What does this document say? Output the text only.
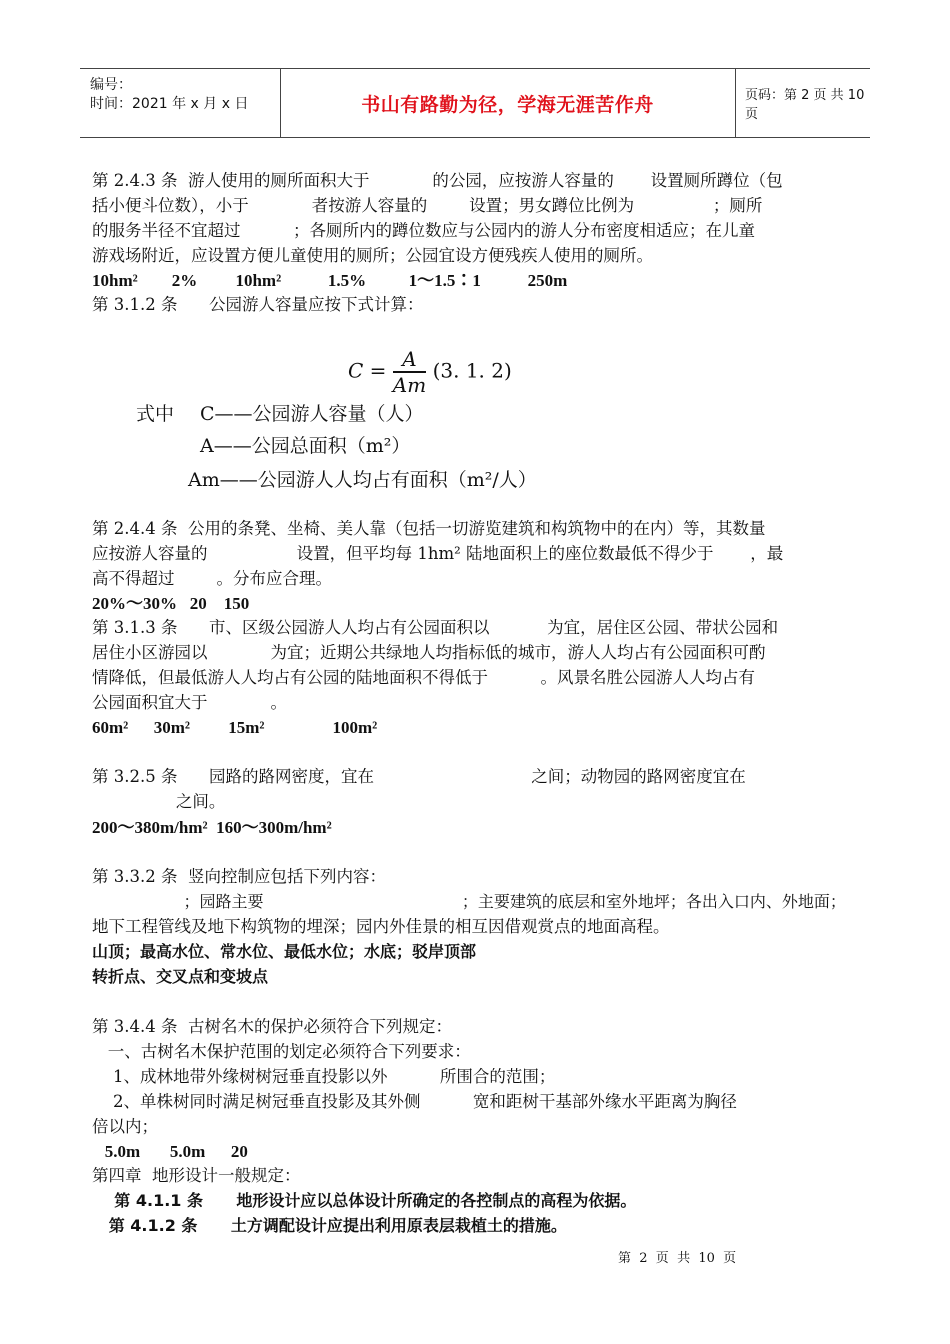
编号：
时间：2021 年 x 月 x 日	书山有路勤为径，学海无涯苦作舟	页码：第 2 页 共 10 页
第 2.4.3 条  游人使用的厕所面积大于            的公园，应按游人容量的       设置厕所蹲位（包
括小便斗位数），小于            者按游人容量的        设置；男女蹲位比例为               ；厕所
的服务半径不宜超过          ；各厕所内的蹲位数应与公园内的游人分布密度相适应；在儿童
游戏场附近，应设置方便儿童使用的厕所；公园宜设方便残疾人使用的厕所。
10hm²        2%         10hm²           1.5%          1～1.5∶1           250m
第 3.1.2 条      公园游人容量应按下式计算：
$C = \frac{A}{Am} (3$. 1. 2)
式中 C——公园游人容量（人）
A——公园总面积（m²）
Am——公园游人人均占有面积（m²/人）
第 2.4.4 条  公用的条凳、坐椅、美人靠（包括一切游览建筑和构筑物中的在内）等，其数量
应按游人容量的                 设置，但平均每 1hm² 陆地面积上的座位数最低不得少于       ，最
高不得超过        。分布应合理。
20%～30%   20    150
第 3.1.3 条      市、区级公园游人人均占有公园面积以           为宜，居住区公园、带状公园和
居住小区游园以            为宜；近期公共绿地人均指标低的城市，游人人均占有公园面积可酌
情降低，但最低游人人均占有公园的陆地面积不得低于          。风景名胜公园游人人均占有
公园面积宜大于            。
60m²      30m²         15m²                100m²
第 3.2.5 条      园路的路网密度，宜在                              之间；动物园的路网密度宜在
之间。
200～380m/hm²  160～300m/hm²
第 3.3.2 条  竖向控制应包括下列内容：
；园路主要                                       ；主要建筑的底层和室外地坪；各出入口内、外地面；
地下工程管线及地下构筑物的埋深；园内外佳景的相互因借观赏点的地面高程。
山顶；最高水位、常水位、最低水位；水底；驳岸顶部
转折点、交叉点和变坡点
第 3.4.4 条  古树名木的保护必须符合下列规定：
一、古树名木保护范围的划定必须符合下列要求：
1、成林地带外缘树树冠垂直投影以外          所围合的范围；
2、单株树同时满足树冠垂直投影及其外侧          宽和距树干基部外缘水平距离为胸径
倍以内；
5.0m       5.0m      20
第四章  地形设计一般规定：
第 4.1.1 条      地形设计应以总体设计所确定的各控制点的高程为依据。
第 4.1.2 条      土方调配设计应提出利用原表层栽植土的措施。
第  2  页  共  10  页
